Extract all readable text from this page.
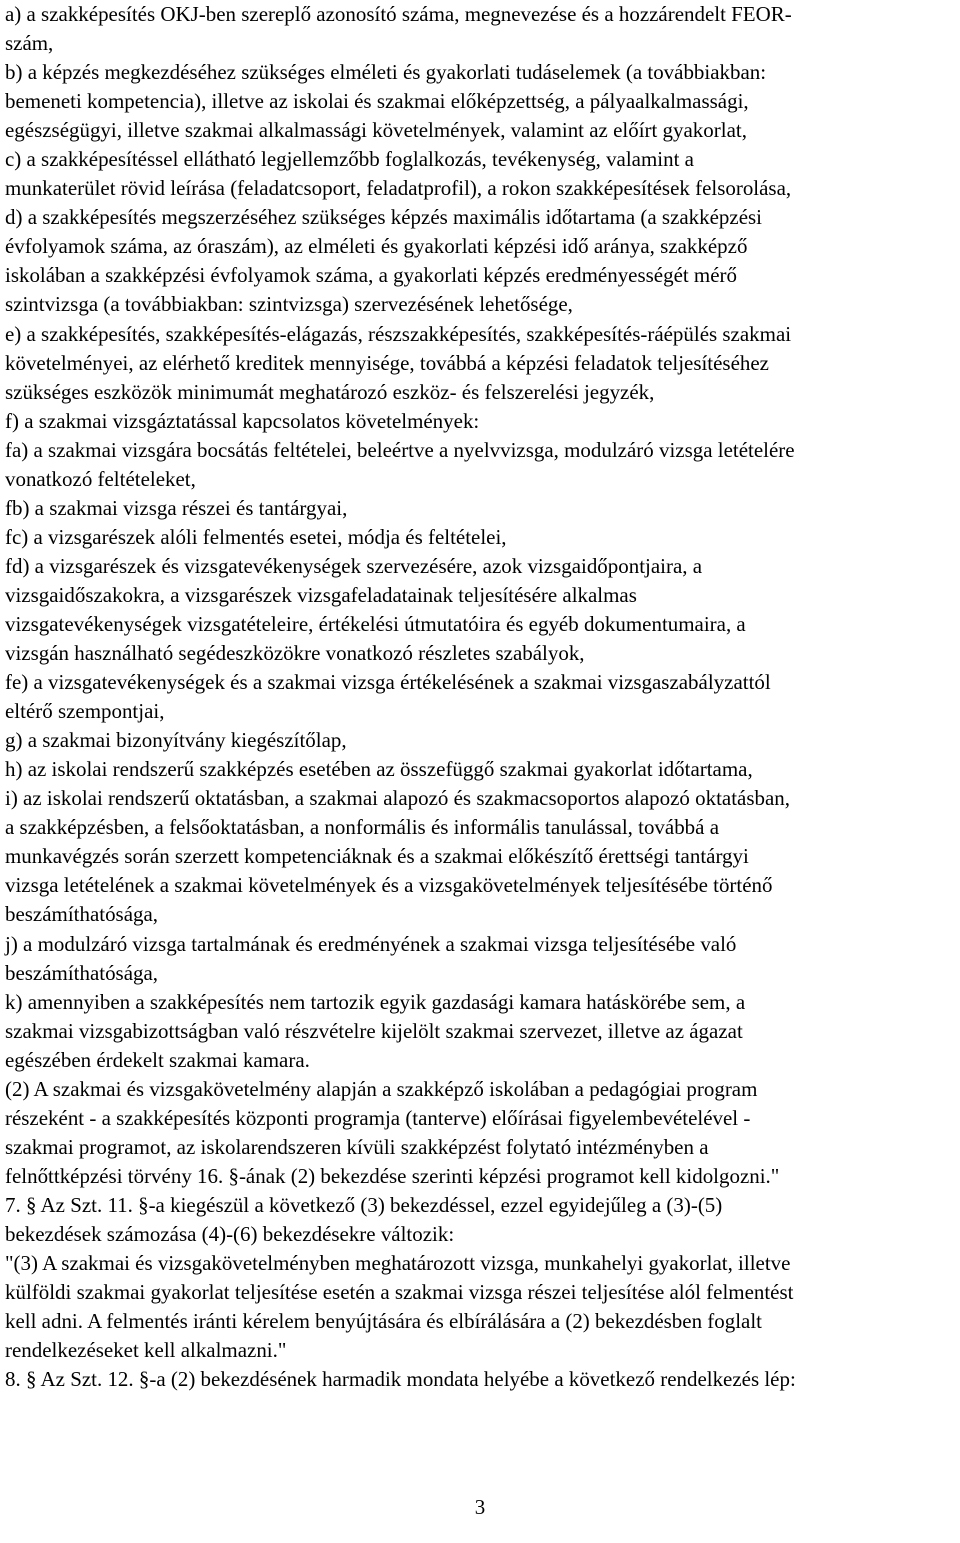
a) a szakképesítés OKJ-ben szereplő azonosító száma, megnevezése és a hozzárendelt FEOR-
szám,
b) a képzés megkezdéséhez szükséges elméleti és gyakorlati tudáselemek (a továbbiakban:
bemeneti kompetencia), illetve az iskolai és szakmai előképzettség, a pályaalkalmassági,
egészségügyi, illetve szakmai alkalmassági követelmények, valamint az előírt gyakorlat,
c) a szakképesítéssel ellátható legjellemzőbb foglalkozás, tevékenység, valamint a
munkaterület rövid leírása (feladatcsoport, feladatprofil), a rokon szakképesítések felsorolása,
d) a szakképesítés megszerzéséhez szükséges képzés maximális időtartama (a szakképzési
évfolyamok száma, az óraszám), az elméleti és gyakorlati képzési idő aránya, szakképző
iskolában a szakképzési évfolyamok száma, a gyakorlati képzés eredményességét mérő
szintvizsga (a továbbiakban: szintvizsga) szervezésének lehetősége,
e) a szakképesítés, szakképesítés-elágazás, részszakképesítés, szakképesítés-ráépülés szakmai
követelményei, az elérhető kreditek mennyisége, továbbá a képzési feladatok teljesítéséhez
szükséges eszközök minimumát meghatározó eszköz- és felszerelési jegyzék,
f) a szakmai vizsgáztatással kapcsolatos követelmények:
fa) a szakmai vizsgára bocsátás feltételei, beleértve a nyelvvizsga, modulzáró vizsga letételére
vonatkozó feltételeket,
fb) a szakmai vizsga részei és tantárgyai,
fc) a vizsgarészek alóli felmentés esetei, módja és feltételei,
fd) a vizsgarészek és vizsgatevékenységek szervezésére, azok vizsgaidőpontjaira, a
vizsgaidőszakokra, a vizsgarészek vizsgafeladatainak teljesítésére alkalmas
vizsgatevékenységek vizsgatételeire, értékelési útmutatóira és egyéb dokumentumaira, a
vizsgán használható segédeszközökre vonatkozó részletes szabályok,
fe) a vizsgatevékenységek és a szakmai vizsga értékelésének a szakmai vizsgaszabályzattól
eltérő szempontjai,
g) a szakmai bizonyítvány kiegészítőlap,
h) az iskolai rendszerű szakképzés esetében az összefüggő szakmai gyakorlat időtartama,
i) az iskolai rendszerű oktatásban, a szakmai alapozó és szakmacsoportos alapozó oktatásban,
a szakképzésben, a felsőoktatásban, a nonformális és informális tanulással, továbbá a
munkavégzés során szerzett kompetenciáknak és a szakmai előkészítő érettségi tantárgyi
vizsga letételének a szakmai követelmények és a vizsgakövetelmények teljesítésébe történő
beszámíthatósága,
j) a modulzáró vizsga tartalmának és eredményének a szakmai vizsga teljesítésébe való
beszámíthatósága,
k) amennyiben a szakképesítés nem tartozik egyik gazdasági kamara hatáskörébe sem, a
szakmai vizsgabizottságban való részvételre kijelölt szakmai szervezet, illetve az ágazat
egészében érdekelt szakmai kamara.
(2) A szakmai és vizsgakövetelmény alapján a szakképző iskolában a pedagógiai program
részeként - a szakképesítés központi programja (tanterve) előírásai figyelembevételével -
szakmai programot, az iskolarendszeren kívüli szakképzést folytató intézményben a
felnőttképzési törvény 16. §-ának (2) bekezdése szerinti képzési programot kell kidolgozni."
7. § Az Szt. 11. §-a kiegészül a következő (3) bekezdéssel, ezzel egyidejűleg a (3)-(5)
bekezdések számozása (4)-(6) bekezdésekre változik:
"(3) A szakmai és vizsgakövetelményben meghatározott vizsga, munkahelyi gyakorlat, illetve
külföldi szakmai gyakorlat teljesítése esetén a szakmai vizsga részei teljesítése alól felmentést
kell adni. A felmentés iránti kérelem benyújtására és elbírálására a (2) bekezdésben foglalt
rendelkezéseket kell alkalmazni."
8. § Az Szt. 12. §-a (2) bekezdésének harmadik mondata helyébe a következő rendelkezés lép:
3
